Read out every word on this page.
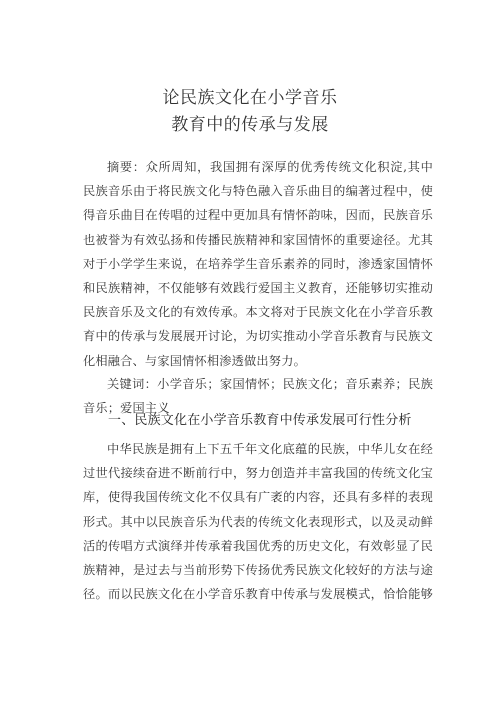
论民族文化在小学音乐
教育中的传承与发展
摘要：众所周知，我国拥有深厚的优秀传统文化积淀,其中
民族音乐由于将民族文化与特色融入音乐曲目的编著过程中，使
得音乐曲目在传唱的过程中更加具有情怀韵味，因而，民族音乐
也被誉为有效弘扬和传播民族精神和家国情怀的重要途径。尤其
对于小学学生来说，在培养学生音乐素养的同时，渗透家国情怀
和民族精神，不仅能够有效践行爱国主义教育，还能够切实推动
民族音乐及文化的有效传承。本文将对于民族文化在小学音乐教
育中的传承与发展展开讨论，为切实推动小学音乐教育与民族文
化相融合、与家国情怀相渗透做出努力。
关键词：小学音乐；家国情怀；民族文化；音乐素养；民族
音乐；爱国主义
一、民族文化在小学音乐教育中传承发展可行性分析
中华民族是拥有上下五千年文化底蕴的民族，中华儿女在经
过世代接续奋进不断前行中，努力创造并丰富我国的传统文化宝
库，使得我国传统文化不仅具有广袤的内容，还具有多样的表现
形式。其中以民族音乐为代表的传统文化表现形式，以及灵动鲜
活的传唱方式演绎并传承着我国优秀的历史文化，有效彰显了民
族精神，是过去与当前形势下传扬优秀民族文化较好的方法与途
径。而以民族文化在小学音乐教育中传承与发展模式，恰恰能够
